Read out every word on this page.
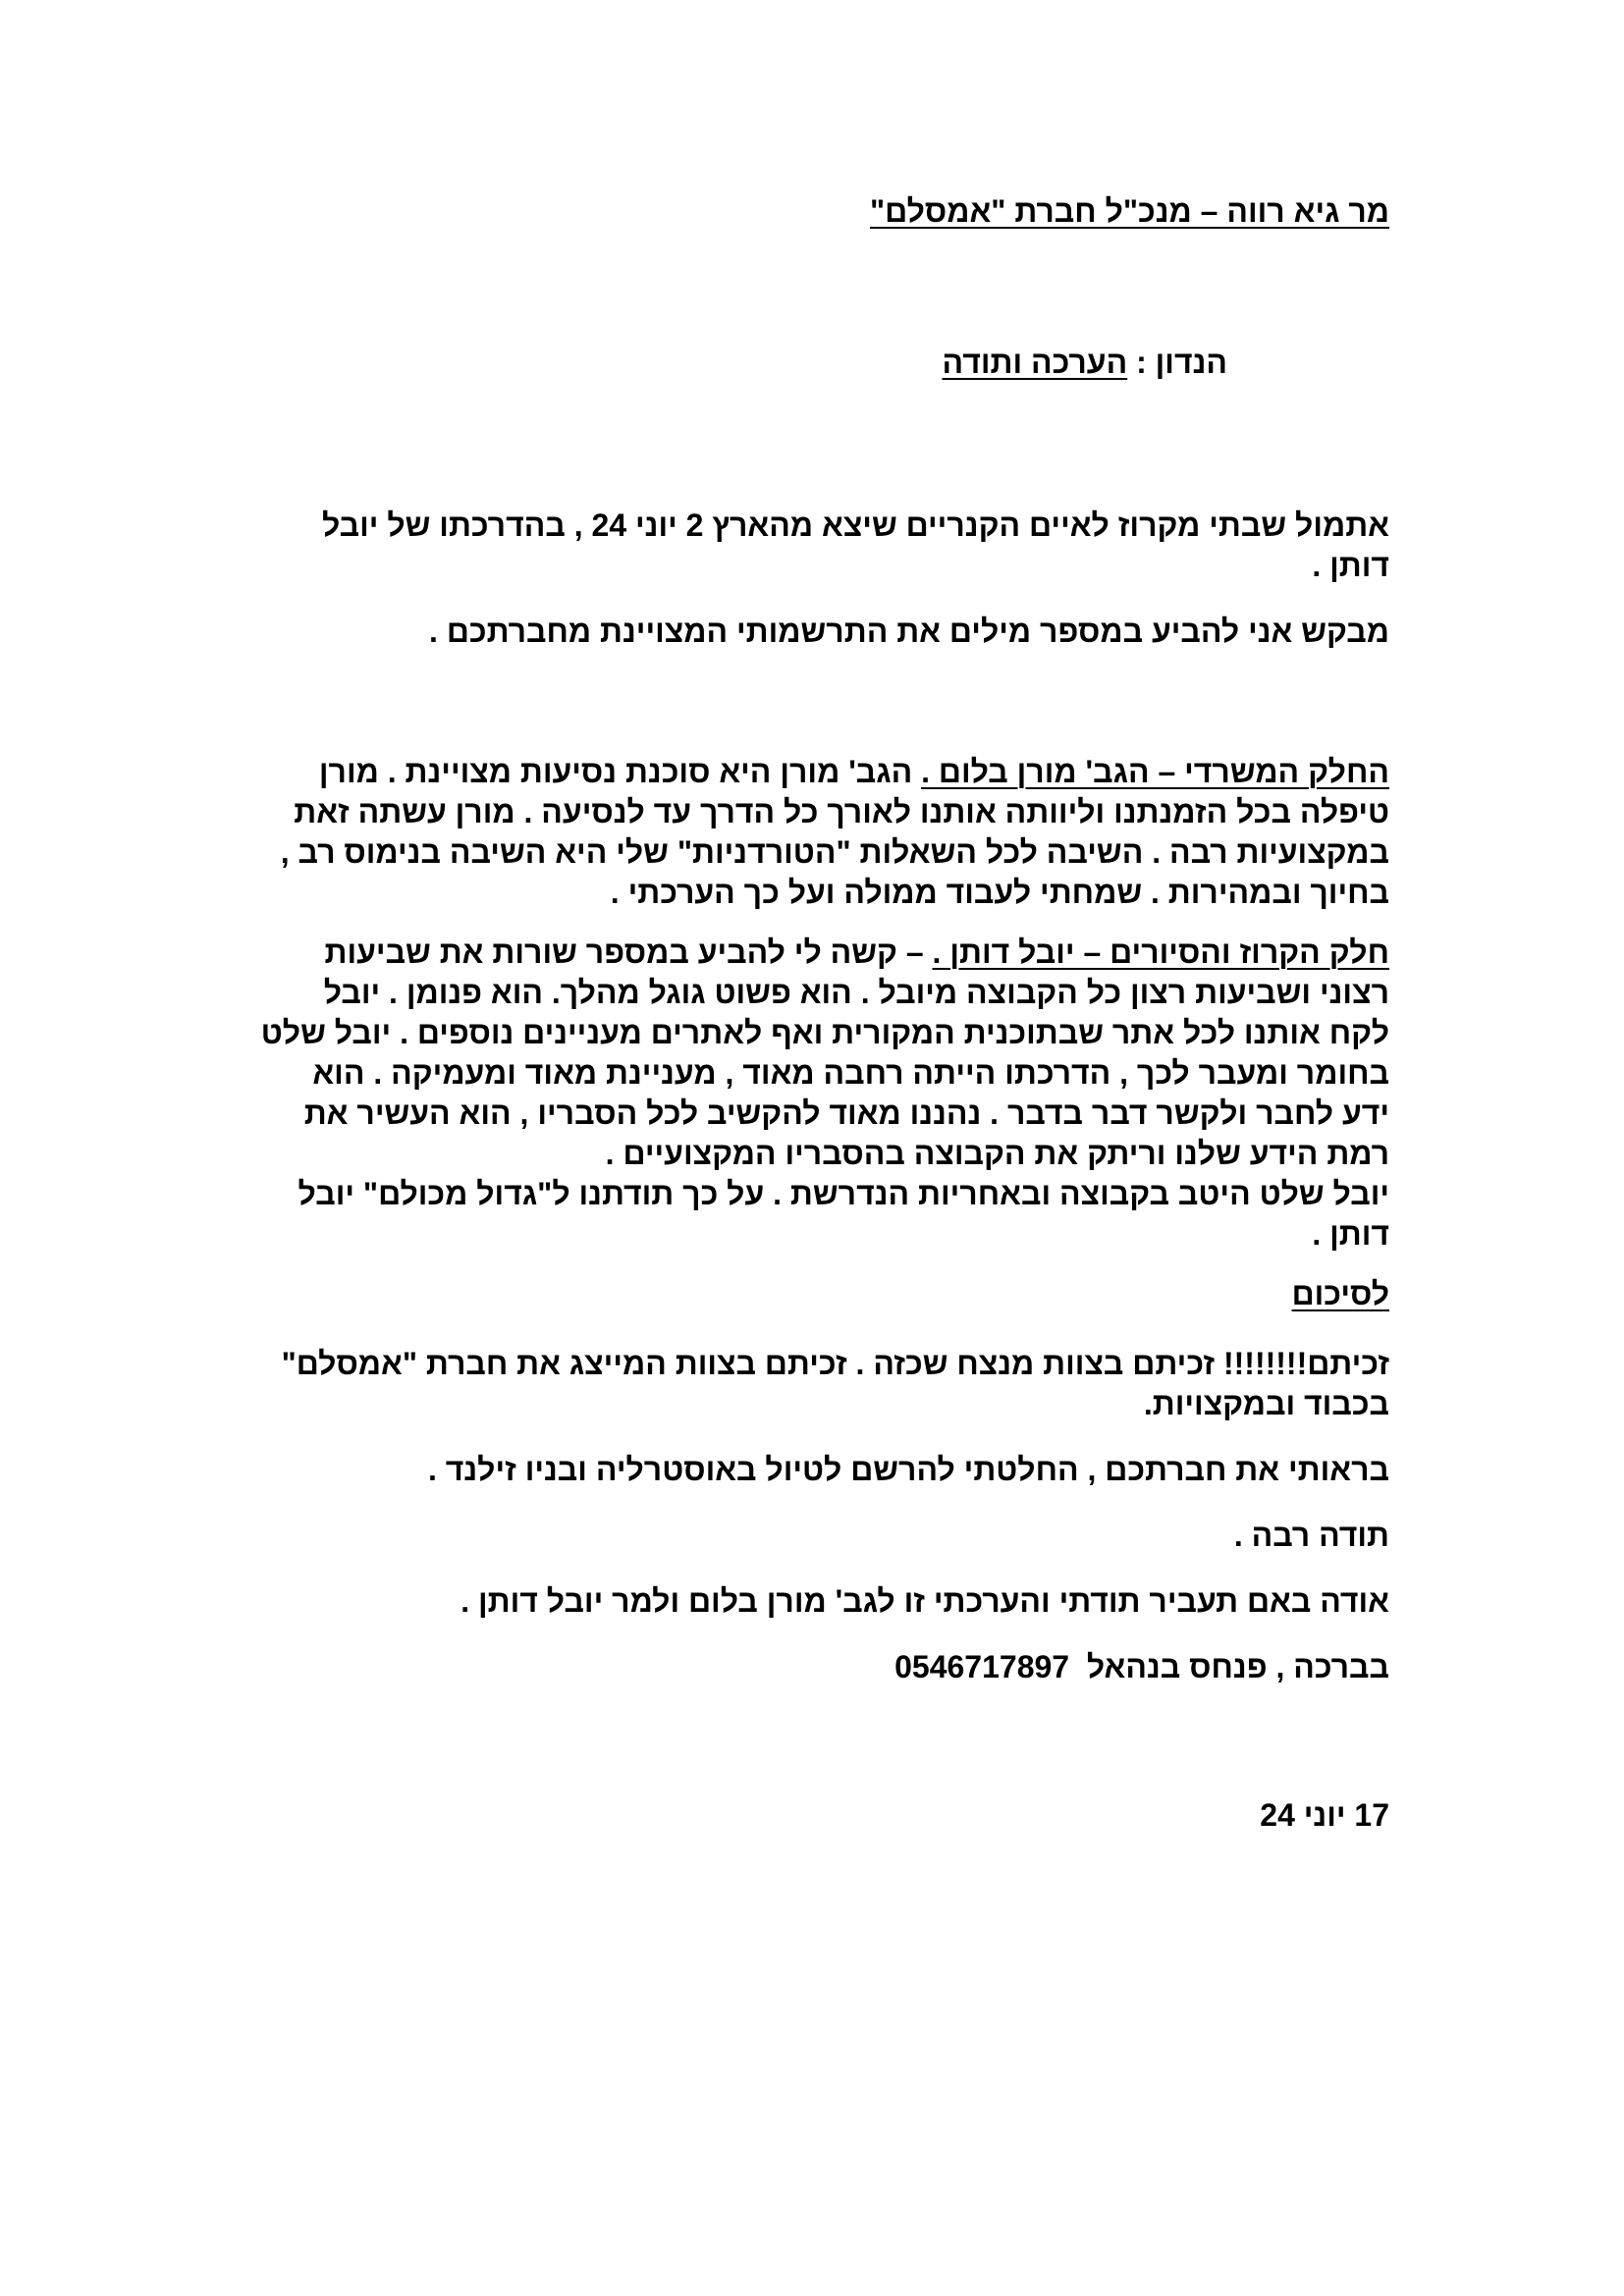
מר גיא רווה – מנכ"ל חברת "אמסלם"

הנדון : הערכה ותודה

אתמול שבתי מקרוז לאיים הקנריים שיצא מהארץ 2 יוני 24 , בהדרכתו של יובל דותן .

מבקש אני להביע במספר מילים את התרשמותי המצויינת מחברתכם .

החלק המשרדי – הגב' מורן בלום . הגב' מורן היא סוכנת נסיעות מצויינת . מורן טיפלה בכל הזמנתנו וליוותה אותנו לאורך כל הדרך עד לנסיעה . מורן עשתה זאת במקצועיות רבה . השיבה לכל השאלות "הטורדניות" שלי היא השיבה בנימוס רב , בחיוך ובמהירות . שמחתי לעבוד ממולה ועל כך הערכתי .

חלק הקרוז והסיורים – יובל דותן . – קשה לי להביע במספר שורות את שביעות רצוני ושביעות רצון כל הקבוצה מיובל . הוא פשוט גוגל מהלך. הוא פנומן . יובל לקח אותנו לכל אתר שבתוכנית המקורית ואף לאתרים מעניינים נוספים . יובל שלט בחומר ומעבר לכך , הדרכתו הייתה רחבה מאוד , מעניינת מאוד ומעמיקה . הוא ידע לחבר ולקשר דבר בדבר . נהננו מאוד להקשיב לכל הסבריו , הוא העשיר את רמת הידע שלנו וריתק את הקבוצה בהסבריו המקצועיים .

יובל שלט היטב בקבוצה ובאחריות הנדרשת . על כך תודתנו ל"גדול מכולם" יובל דותן .

לסיכום

זכיתם!!!!!!!! זכיתם בצוות מנצח שכזה . זכיתם בצוות המייצג את חברת "אמסלם" בכבוד ובמקצויות.

בראותי את חברתכם , החלטתי להרשם לטיול באוסטרליה ובניו זילנד .

תודה רבה .

אודה באם תעביר תודתי והערכתי זו לגב' מורן בלום ולמר יובל דותן .

בברכה , פנחס בנהאל  0546717897

17 יוני 24
